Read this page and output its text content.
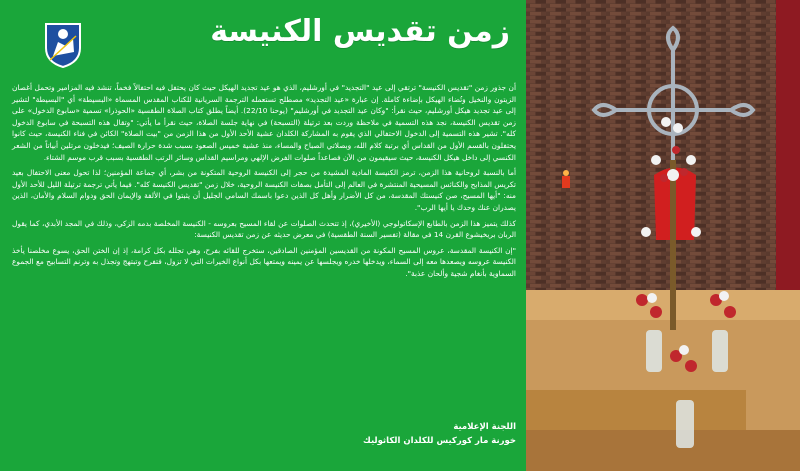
زمن تقديس الكنيسة

أن جذور زمن "تقديس الكنيسة" ترتقي إلى عيد "التجديد" في أورشليم، الذي هو عيد تجديد الهيكل حيث كان يحتفل فيه احتفالاً فخماً، تنشد فيه المزامير وتحمل أغصان الزيتون والنخيل وتُضاء الهيكل بإضاءة كاملة. إن عبارة «عيد التجديد» مصطلح تستعمله الترجمة السريانية للكتاب المقدس المسماة «البسيطة» أي "البسيطة" لتشير إلى عيد تجديد هيكل أورشليم، حيث نقرأ: "وكان عيد التجديد في أورشليم" (يوحنا 22/10). أيضاً يطلق كتاب الصلاة الطقسية «الحوذرا» تسمية «سابوع الدخول» على زمن تقديس الكنيسة، نجد هذه التسمية في ملاحظة وردت بعد ترتيلة (التسبحة) في نهاية جلسة الصلاة، حيث نقرأ ما يأتي: "وتقال هذه التسبحة في سابوع الدخول كله". تشير هذه التسمية إلى الدخول الاحتفالي الذي يقوم به المشاركة الكلدان عشية الأحد الأول من هذا الزمن من "بيت الصلاة" الكائن في فناء الكنيسة، حيث كانوا يحتفلون بالقسم الأول من القداس أي برتبة كلام الله، وبصلاتي الصباح والمساء، منذ عشية خميس الصعود بسبب شدة حرارة الصيف؛ فيدخلون مرتلين أبياتاً من الشعر الكنسي إلى داخل هيكل الكنيسة، حيث سيقيمون من الآن فصاعداً صلوات الفرض الإلهي ومراسيم القداس وسائر الرتب الطقسية بسبب قرب موسم الشتاء.

أما بالنسبة لروحانية هذا الزمن، ترمز الكنيسة المادية المشيدة من حجر إلى الكنيسة الروحية المتكونة من بشر، أي جماعة المؤمنين؛ لذا تحول معنى الاحتفال بعيد تكريس المذابح والكنائس المسيحية المنتشرة في العالم إلى التأمل بصفات الكنيسة الروحية، خلال زمن "تقديس الكنيسة كله". فيما يأتي ترجمة ترتيلة الليل للأحد الأول منه: "أيها المسيح، صن كنيستك المقدسة، من كل الأضرار وأهل كل الذين دعوا باسمك السامي الجليل أن يثبتوا في الألفة والإيمان الحق ودوام السلام والأمان، الذين يصدران عنك وحدك يا أيها الرب".

كذلك يتميز هذا الزمن بالطابع الإسكاتولوجي (الأخيري)، إذ تتحدث الصلوات عن لقاء المسيح بعروسه - الكنيسة المخلصة بدمه الزكي، وذلك في المجد الأبدي، كما يقول الربان بريخيشوع القرن 14 في مقالة (تفسير السنة الطقسية) في معرض حديثه عن زمن تقديس الكنيسة:

"إن الكنيسة المقدسة، عروس المسيح المكونة من القديسين المؤمنين الصادقين، ستخرج للقائه بفرح، وهي تجلله بكل كرامة، إذ إن الختن الحق، يسوع مخلصنا يأخذ الكنيسة عروسه ويصعدها معه إلى السماء، ويدخلها خدره ويجلسها عن يمينه ويمتعها بكل أنواع الخيرات التي لا تزول، فتفرح وتبتهج وتجذل به وترنم التسابيح مع الجموع السماوية بأنغام شجية وألحان عذبة".

اللجنة الإعلامية
خورنة مار كوركيس للكلدان الكاثوليك
